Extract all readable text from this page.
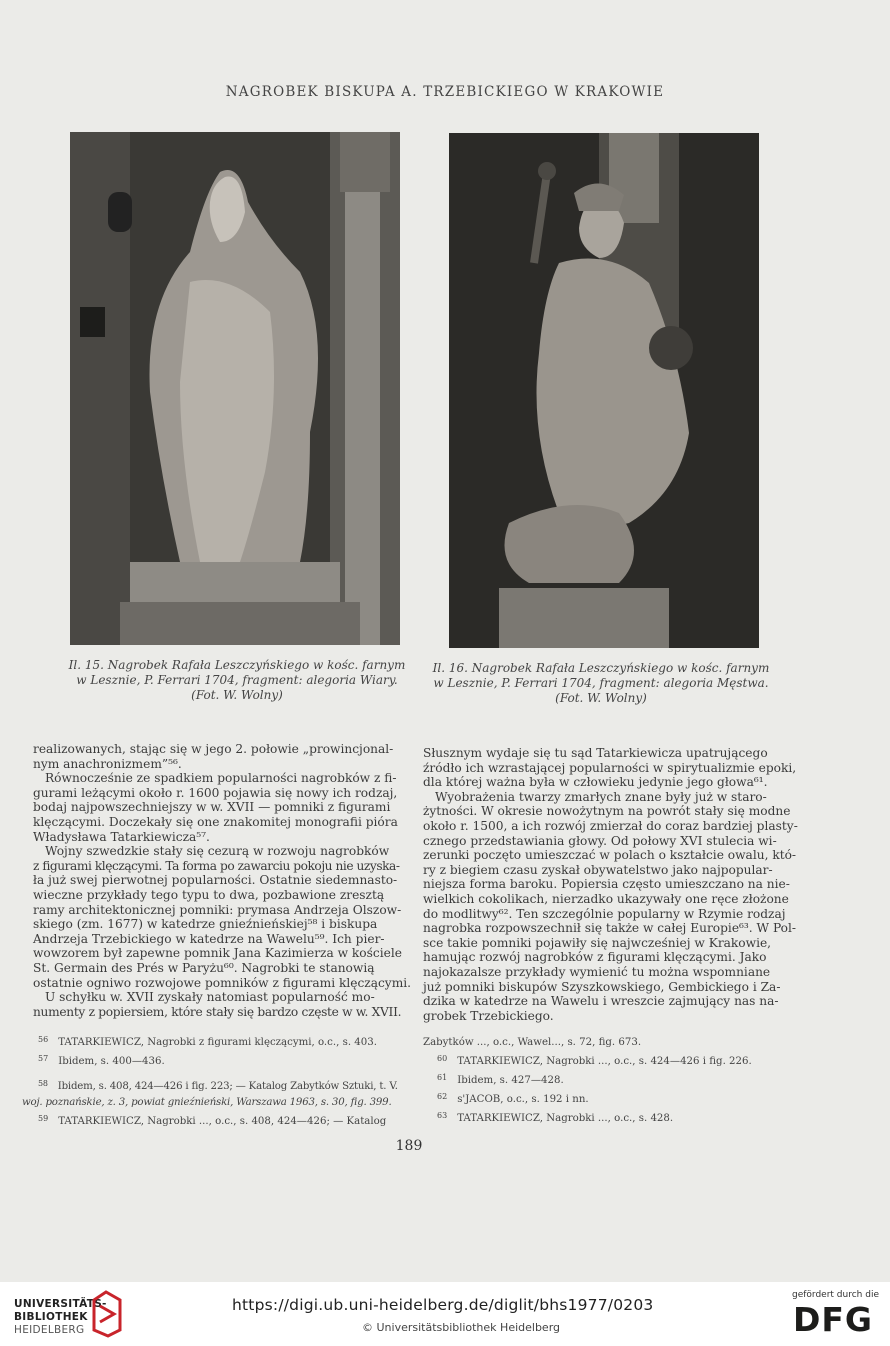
NAGROBEK BISKUPA A. TRZEBICKIEGO W KRAKOWIE
Il. 15. Nagrobek Rafała Leszczyńskiego w kośc. farnym
w Lesznie, P. Ferrari 1704, fragment: alegoria Wiary.
(Fot. W. Wolny)
Il. 16. Nagrobek Rafała Leszczyńskiego w kośc. farnym
w Lesznie, P. Ferrari 1704, fragment: alegoria Męstwa.
(Fot. W. Wolny)
realizowanych, stając się w jego 2. połowie „prowincjonal-
nym anachronizmem”⁵⁶.
Równocześnie ze spadkiem popularności nagrobków z fi-
gurami leżącymi około r. 1600 pojawia się nowy ich rodzaj,
bodaj najpowszechniejszy w w. XVII — pomniki z figurami
klęczącymi. Doczekały się one znakomitej monografii pióra
Władysława Tatarkiewicza⁵⁷.
Wojny szwedzkie stały się cezurą w rozwoju nagrobków
z figurami klęczącymi. Ta forma po zawarciu pokoju nie uzyska-
ła już swej pierwotnej popularności. Ostatnie siedemnasto-
wieczne przykłady tego typu to dwa, pozbawione zresztą
ramy architektonicznej pomniki: prymasa Andrzeja Olszow-
skiego (zm. 1677) w katedrze gnieźnieńskiej⁵⁸ i biskupa
Andrzeja Trzebickiego w katedrze na Wawelu⁵⁹. Ich pier-
wowzorem był zapewne pomnik Jana Kazimierza w kościele
St. Germain des Prés w Paryżu⁶⁰. Nagrobki te stanowią
ostatnie ogniwo rozwojowe pomników z figurami klęczącymi.
U schyłku w. XVII zyskały natomiast popularność mo-
numenty z popiersiem, które stały się bardzo częste w w. XVII.
Słusznym wydaje się tu sąd Tatarkiewicza upatrującego
źródło ich wzrastającej popularności w spirytualizmie epoki,
dla której ważna była w człowieku jedynie jego głowa⁶¹.
Wyobrażenia twarzy zmarłych znane były już w staro-
żytności. W okresie nowożytnym na powrót stały się modne
około r. 1500, a ich rozwój zmierzał do coraz bardziej plasty-
cznego przedstawiania głowy. Od połowy XVI stulecia wi-
zerunki poczęto umieszczać w polach o kształcie owalu, któ-
ry z biegiem czasu zyskał obywatelstwo jako najpopular-
niejsza forma baroku. Popiersia często umieszczano na nie-
wielkich cokolikach, nierzadko ukazywały one ręce złożone
do modlitwy⁶². Ten szczególnie popularny w Rzymie rodzaj
nagrobka rozpowszechnił się także w całej Europie⁶³. W Pol-
sce takie pomniki pojawiły się najwcześniej w Krakowie,
hamując rozwój nagrobków z figurami klęczącymi. Jako
najokazalsze przykłady wymienić tu można wspomniane
już pomniki biskupów Szyszkowskiego, Gembickiego i Za-
dzika w katedrze na Wawelu i wreszcie zajmujący nas na-
grobek Trzebickiego.
$^{56}$ TATARKIEWICZ, Nagrobki z figurami klęczącymi, o.c., s. 403.
$^{57}$ Ibidem, s. 400—436.
$^{58}$ Ibidem, s. 408, 424—426 i fig. 223; — Katalog Zabytków Sztuki, t. V.
woj. poznańskie, z. 3, powiat gnieźnieński, Warszawa 1963, s. 30, fig. 399.
$^{59}$ TATARKIEWICZ, Nagrobki ..., o.c., s. 408, 424—426; — Katalog
Zabytków ..., o.c., Wawel..., s. 72, fig. 673.
$^{60}$ TATARKIEWICZ, Nagrobki ..., o.c., s. 424—426 i fig. 226.
$^{61}$ Ibidem, s. 427—428.
$^{62}$ s'JACOB, o.c., s. 192 i nn.
$^{63}$ TATARKIEWICZ, Nagrobki ..., o.c., s. 428.
189
UNIVERSITÄTS-
BIBLIOTHEK
HEIDELBERG
https://digi.ub.uni-heidelberg.de/diglit/bhs1977/0203
© Universitätsbibliothek Heidelberg
gefördert durch die
DFG
